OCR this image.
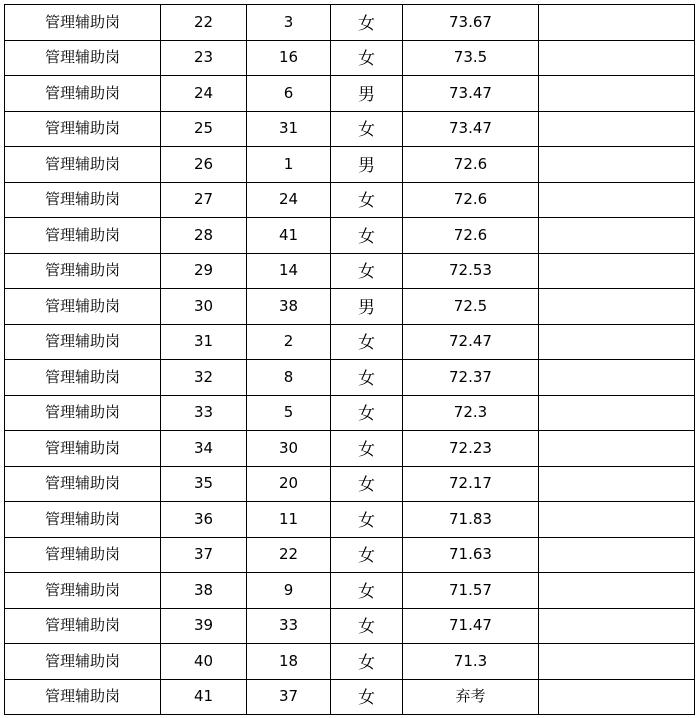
管理辅助岗	22	3	女	73.67	
管理辅助岗	23	16	女	73.5	
管理辅助岗	24	6	男	73.47	
管理辅助岗	25	31	女	73.47	
管理辅助岗	26	1	男	72.6	
管理辅助岗	27	24	女	72.6	
管理辅助岗	28	41	女	72.6	
管理辅助岗	29	14	女	72.53	
管理辅助岗	30	38	男	72.5	
管理辅助岗	31	2	女	72.47	
管理辅助岗	32	8	女	72.37	
管理辅助岗	33	5	女	72.3	
管理辅助岗	34	30	女	72.23	
管理辅助岗	35	20	女	72.17	
管理辅助岗	36	11	女	71.83	
管理辅助岗	37	22	女	71.63	
管理辅助岗	38	9	女	71.57	
管理辅助岗	39	33	女	71.47	
管理辅助岗	40	18	女	71.3	
管理辅助岗	41	37	女	弃考	
